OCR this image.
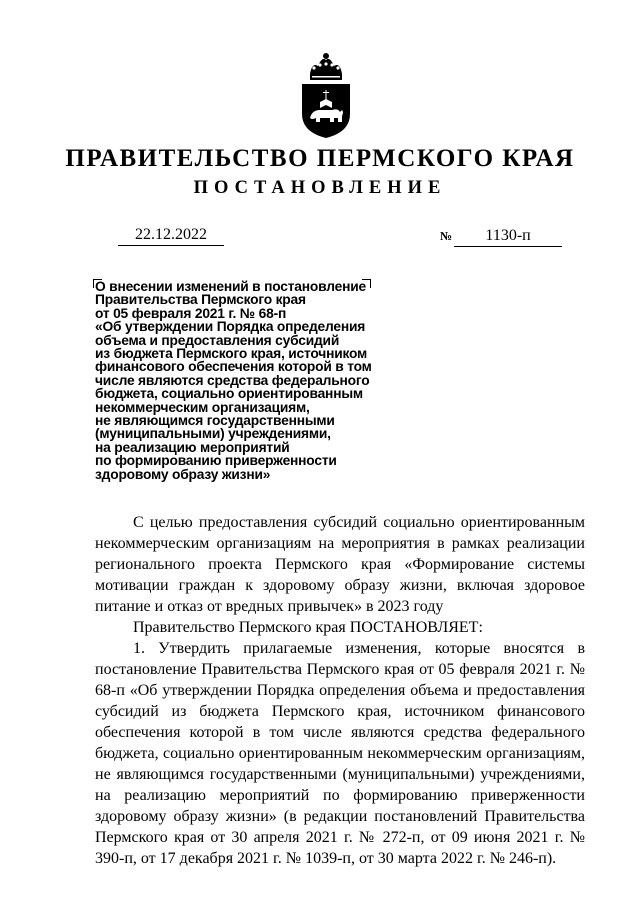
ПРАВИТЕЛЬСТВО ПЕРМСКОГО КРАЯ
ПОСТАНОВЛЕНИЕ
22.12.2022	№ 1130-п
О внесении изменений в постановление
Правительства Пермского края
от 05 февраля 2021 г. № 68-п
«Об утверждении Порядка определения
объема и предоставления субсидий
из бюджета Пермского края, источником
финансового обеспечения которой в том
числе являются средства федерального
бюджета, социально ориентированным
некоммерческим организациям,
не являющимся государственными
(муниципальными) учреждениями,
на реализацию мероприятий
по формированию приверженности
здоровому образу жизни»

С целью предоставления субсидий социально ориентированным некоммерческим организациям на мероприятия в рамках реализации регионального проекта Пермского края «Формирование системы мотивации граждан к здоровому образу жизни, включая здоровое питание и отказ от вредных привычек» в 2023 году

Правительство Пермского края ПОСТАНОВЛЯЕТ:

1. Утвердить прилагаемые изменения, которые вносятся в постановление Правительства Пермского края от 05 февраля 2021 г. № 68-п «Об утверждении Порядка определения объема и предоставления субсидий из бюджета Пермского края, источником финансового обеспечения которой в том числе являются средства федерального бюджета, социально ориентированным некоммерческим организациям, не являющимся государственными (муниципальными) учреждениями, на реализацию мероприятий по формированию приверженности здоровому образу жизни» (в редакции постановлений Правительства Пермского края от 30 апреля 2021 г. № 272-п, от 09 июня 2021 г. № 390-п, от 17 декабря 2021 г. № 1039-п, от 30 марта 2022 г. № 246-п).
